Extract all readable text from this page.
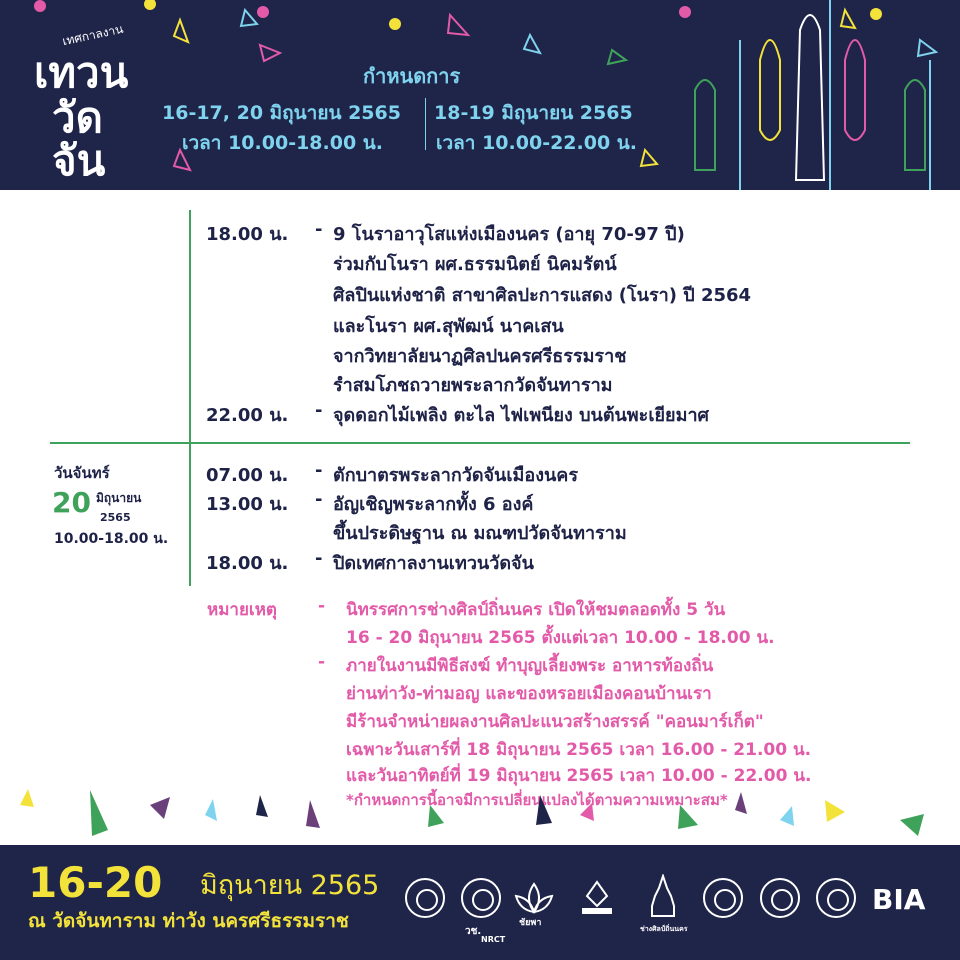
เทศกาลงาน
เทวน
วัด
จัน
กำหนดการ
16-17, 20 มิถุนายน 2565
เวลา 10.00-18.00 น.
18-19 มิถุนายน 2565
เวลา 10.00-22.00 น.
18.00 น. - 9 โนราอาวุโสแห่งเมืองนคร (อายุ 70-97 ปี)
ร่วมกับโนรา ผศ.ธรรมนิตย์ นิคมรัตน์
ศิลปินแห่งชาติ สาขาศิลปะการแสดง (โนรา) ปี 2564
และโนรา ผศ.สุพัฒน์ นาคเสน
จากวิทยาลัยนาฏศิลปนครศรีธรรมราช
รำสมโภชถวายพระลากวัดจันทาราม
22.00 น. - จุดดอกไม้เพลิง ตะไล ไฟเพนียง บนต้นพะเยียมาศ
วันจันทร์
20 มิถุนายน
2565
10.00-18.00 น.
07.00 น. - ตักบาตรพระลากวัดจันเมืองนคร
13.00 น. - อัญเชิญพระลากทั้ง 6 องค์
ขึ้นประดิษฐาน ณ มณฑปวัดจันทาราม
18.00 น. - ปิดเทศกาลงานเทวนวัดจัน
หมายเหตุ - นิทรรศการช่างศิลป์ถิ่นนคร เปิดให้ชมตลอดทั้ง 5 วัน
16 - 20 มิถุนายน 2565 ตั้งแต่เวลา 10.00 - 18.00 น.
- ภายในงานมีพิธีสงฆ์ ทำบุญเลี้ยงพระ อาหารท้องถิ่น
ย่านท่าวัง-ท่ามอญ และของหรอยเมืองคอนบ้านเรา
มีร้านจำหน่ายผลงานศิลปะแนวสร้างสรรค์ "คอนมาร์เก็ต"
เฉพาะวันเสาร์ที่ 18 มิถุนายน 2565 เวลา 16.00 - 21.00 น.
และวันอาทิตย์ที่ 19 มิถุนายน 2565 เวลา 10.00 - 22.00 น.
*กำหนดการนี้อาจมีการเปลี่ยนแปลงได้ตามความเหมาะสม*
16-20 มิถุนายน 2565
ณ วัดจันทาราม ท่าวัง นครศรีธรรมราช	วช.
NRCT
ชัยพา
ช่างศิลป์ถิ่นนคร
BIA
